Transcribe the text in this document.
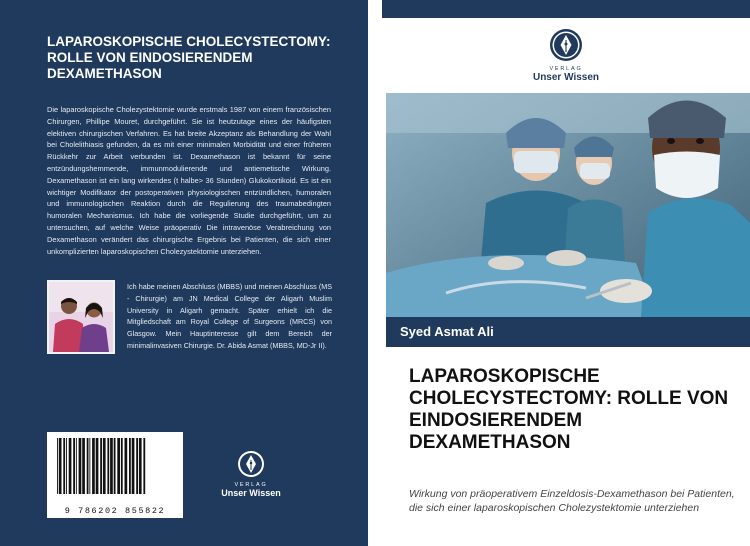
LAPAROSKOPISCHE CHOLECYSTECTOMY: ROLLE VON EINDOSIERENDEM DEXAMETHASON
Die laparoskopische Cholezystektomie wurde erstmals 1987 von einem französischen Chirurgen, Phillipe Mouret, durchgeführt. Sie ist heutzutage eines der häufigsten elektiven chirurgischen Verfahren. Es hat breite Akzeptanz als Behandlung der Wahl bei Cholelithiasis gefunden, da es mit einer minimalen Morbidität und einer früheren Rückkehr zur Arbeit verbunden ist. Dexamethason ist bekannt für seine entzündungshemmende, immunmodulierende und antiemetische Wirkung. Dexamethason ist ein lang wirkendes (t halbe> 36 Stunden) Glukokortikoid. Es ist ein wichtiger Modifikator der postoperativen physiologischen entzündlichen, humoralen und immunologischen Reaktion durch die Regulierung des traumabedingten humoralen Mechanismus. Ich habe die vorliegende Studie durchgeführt, um zu untersuchen, auf welche Weise präoperativ Die intravenöse Verabreichung von Dexamethason verändert das chirurgische Ergebnis bei Patienten, die sich einer unkomplizierten laparoskopischen Cholezystektomie unterziehen.
Ich habe meinen Abschluss (MBBS) und meinen Abschluss (MS - Chirurgie) am JN Medical College der Aligarh Muslim University in Aligarh gemacht. Später erhielt ich die Mitgliedschaft am Royal College of Surgeons (MRCS) von Glasgow. Mein Hauptinteresse gilt dem Bereich der minimalinvasiven Chirurgie. Dr. Abida Asmat (MBBS, MD-Jr II).
9 786202 855822
VERLAG
Unser Wissen
VERLAG
Unser Wissen
Syed Asmat Ali
LAPAROSKOPISCHE CHOLECYSTECTOMY: ROLLE VON EINDOSIERENDEM DEXAMETHASON
Wirkung von präoperativem Einzeldosis-Dexamethason bei Patienten, die sich einer laparoskopischen Cholezystektomie unterziehen
